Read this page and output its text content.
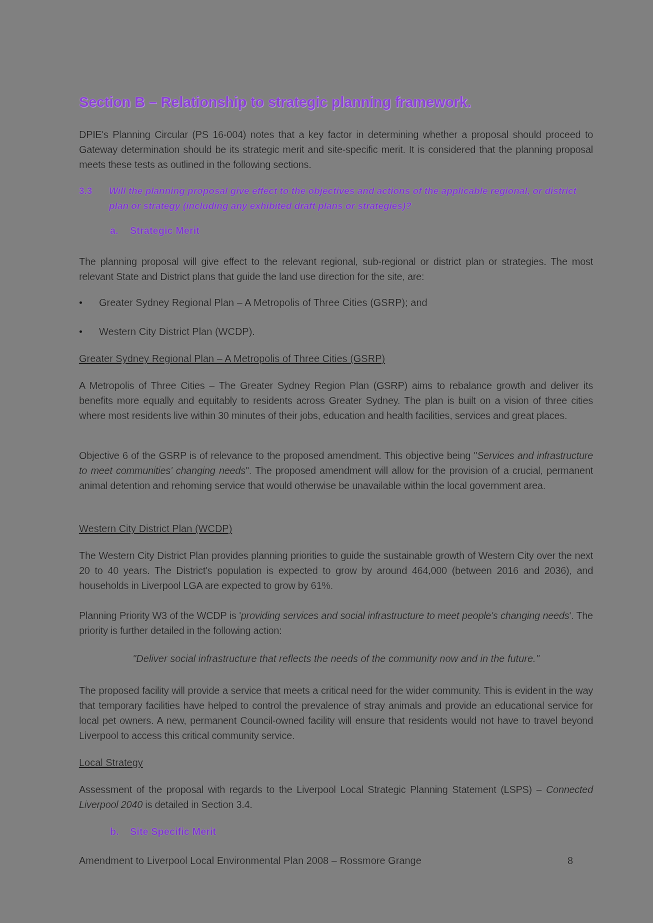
Section B – Relationship to strategic planning framework.
DPIE's Planning Circular (PS 16-004) notes that a key factor in determining whether a proposal should proceed to Gateway determination should be its strategic merit and site-specific merit. It is considered that the planning proposal meets these tests as outlined in the following sections.
3.3 Will the planning proposal give effect to the objectives and actions of the applicable regional, or district plan or strategy (including any exhibited draft plans or strategies)?
a. Strategic Merit
The planning proposal will give effect to the relevant regional, sub-regional or district plan or strategies. The most relevant State and District plans that guide the land use direction for the site, are:
• Greater Sydney Regional Plan – A Metropolis of Three Cities (GSRP); and
• Western City District Plan (WCDP).
Greater Sydney Regional Plan – A Metropolis of Three Cities (GSRP)
A Metropolis of Three Cities – The Greater Sydney Region Plan (GSRP) aims to rebalance growth and deliver its benefits more equally and equitably to residents across Greater Sydney. The plan is built on a vision of three cities where most residents live within 30 minutes of their jobs, education and health facilities, services and great places.
Objective 6 of the GSRP is of relevance to the proposed amendment. This objective being "Services and infrastructure to meet communities' changing needs". The proposed amendment will allow for the provision of a crucial, permanent animal detention and rehoming service that would otherwise be unavailable within the local government area.
Western City District Plan (WCDP)
The Western City District Plan provides planning priorities to guide the sustainable growth of Western City over the next 20 to 40 years. The District's population is expected to grow by around 464,000 (between 2016 and 2036), and households in Liverpool LGA are expected to grow by 61%.
Planning Priority W3 of the WCDP is 'providing services and social infrastructure to meet people's changing needs'. The priority is further detailed in the following action:
"Deliver social infrastructure that reflects the needs of the community now and in the future."
The proposed facility will provide a service that meets a critical need for the wider community. This is evident in the way that temporary facilities have helped to control the prevalence of stray animals and provide an educational service for local pet owners. A new, permanent Council-owned facility will ensure that residents would not have to travel beyond Liverpool to access this critical community service.
Local Strategy
Assessment of the proposal with regards to the Liverpool Local Strategic Planning Statement (LSPS) – Connected Liverpool 2040 is detailed in Section 3.4.
b. Site Specific Merit
Amendment to Liverpool Local Environmental Plan 2008 – Rossmore Grange	8
